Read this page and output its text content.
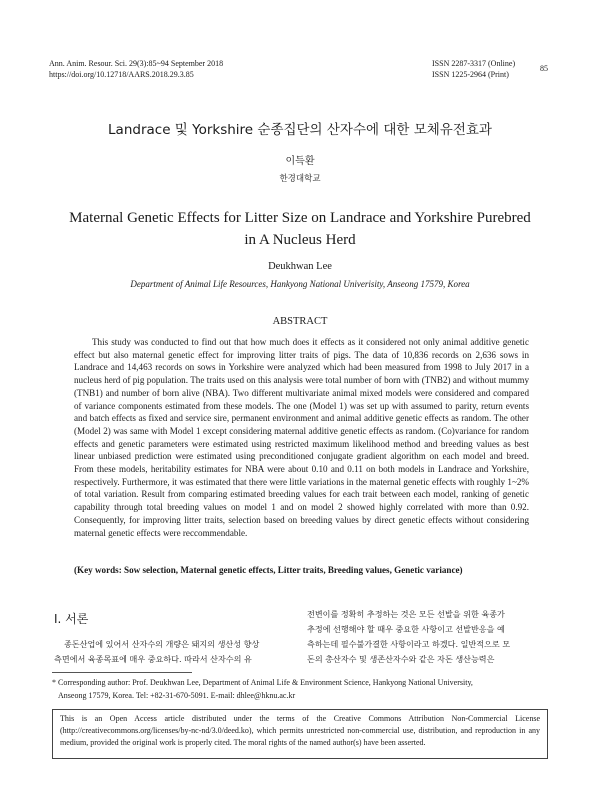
Ann. Anim. Resour. Sci. 29(3):85~94 September 2018
https://doi.org/10.12718/AARS.2018.29.3.85
ISSN 2287-3317 (Online)
ISSN 1225-2964 (Print)
85
Landrace 및 Yorkshire 순종집단의 산자수에 대한 모체유전효과
이득환
한경대학교
Maternal Genetic Effects for Litter Size on Landrace and Yorkshire Purebred
in A Nucleus Herd
Deukhwan Lee
Department of Animal Life Resources, Hankyong National Univerisity, Anseong 17579, Korea
ABSTRACT

This study was conducted to find out that how much does it effects as it considered not only animal additive genetic effect but also maternal genetic effect for improving litter traits of pigs. The data of 10,836 records on 2,636 sows in Landrace and 14,463 records on sows in Yorkshire were analyzed which had been measured from 1998 to July 2017 in a nucleus herd of pig population. The traits used on this analysis were total number of born with (TNB2) and without mummy (TNB1) and number of born alive (NBA). Two different multivariate animal mixed models were considered and compared of variance components estimated from these models. The one (Model 1) was set up with assumed to parity, return events and batch effects as fixed and service sire, permanent environment and animal additive genetic effects as random. The other (Model 2) was same with Model 1 except considering maternal additive genetic effects as random. (Co)variance for random effects and genetic parameters were estimated using restricted maximum likelihood method and breeding values as best linear unbiased prediction were estimated using preconditioned conjugate gradient algorithm on each model and breed. From these models, heritability estimates for NBA were about 0.10 and 0.11 on both models in Landrace and Yorkshire, respectively. Furthermore, it was estimated that there were little variations in the maternal genetic effects with roughly 1~2% of total variation. Result from comparing estimated breeding values for each trait between each model, ranking of genetic capability through total breeding values on model 1 and on model 2 showed highly correlated with more than 0.92. Consequently, for improving litter traits, selection based on breeding values by direct genetic effects without considering maternal genetic effects were reccommendable.

(Key words: Sow selection, Maternal genetic effects, Litter traits, Breeding values, Genetic variance)
Ⅰ. 서론
종돈산업에 있어서 산자수의 개량은 돼지의 생산성 향상
측면에서 육종목표에 매우 중요하다. 따라서 산자수의 유
전변이를 정확히 추정하는 것은 모든 선발을 위한 육종가
추정에 선행해야 할 때우 중요한 사항이고 선발반응을 예
측하는데 필수불가결한 사항이라고 하겠다. 일반적으로 모
돈의 총산자수 및 생존산자수와 같은 자돈 생산능력은
* Corresponding author: Prof. Deukhwan Lee, Department of Animal Life & Environment Science, Hankyong National University,
Anseong 17579, Korea. Tel: +82-31-670-5091. E-mail: dhlee@hknu.ac.kr
This is an Open Access article distributed under the terms of the Creative Commons Attribution Non-Commercial License (http://creativecommons.org/licenses/by-nc-nd/3.0/deed.ko), which permits unrestricted non-commercial use, distribution, and reproduction in any medium, provided the original work is properly cited. The moral rights of the named author(s) have been asserted.
